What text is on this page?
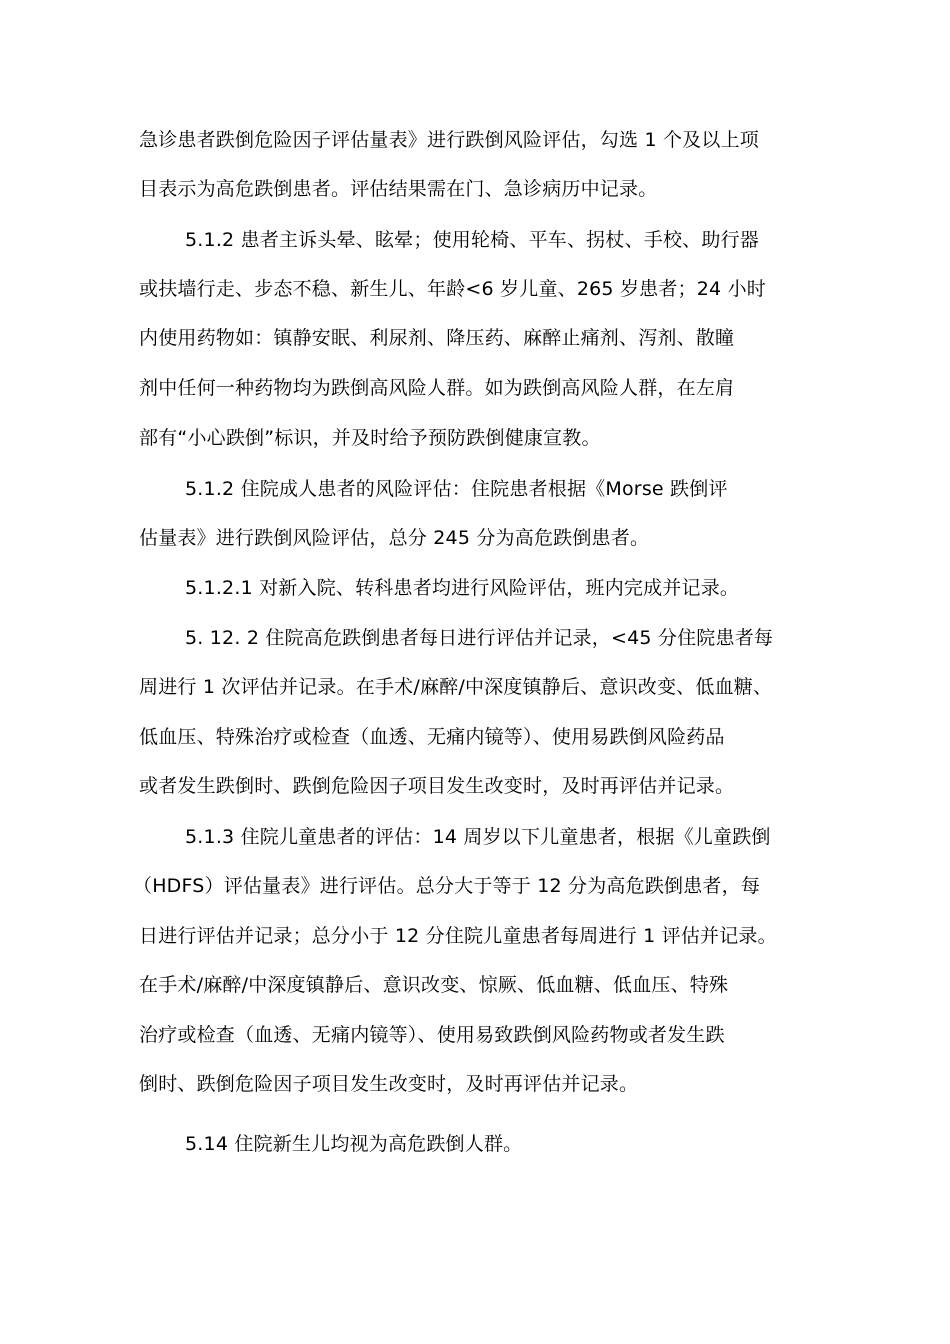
急诊患者跌倒危险因子评估量表》进行跌倒风险评估，勾选 1 个及以上项
目表示为高危跌倒患者。评估结果需在门、急诊病历中记录。
5.1.2 患者主诉头晕、眩晕；使用轮椅、平车、拐杖、手校、助行器
或扶墙行走、步态不稳、新生儿、年龄<6 岁儿童、265 岁患者；24 小时
内使用药物如：镇静安眠、利尿剂、降压药、麻醉止痛剂、泻剂、散瞳
剂中任何一种药物均为跌倒高风险人群。如为跌倒高风险人群，在左肩
部有“小心跌倒”标识，并及时给予预防跌倒健康宣教。
5.1.2 住院成人患者的风险评估：住院患者根据《Morse 跌倒评
估量表》进行跌倒风险评估，总分 245 分为高危跌倒患者。
5.1.2.1 对新入院、转科患者均进行风险评估，班内完成并记录。
5. 12. 2 住院高危跌倒患者每日进行评估并记录，<45 分住院患者每
周进行 1 次评估并记录。在手术/麻醉/中深度镇静后、意识改变、低血糖、
低血压、特殊治疗或检查（血透、无痛内镜等）、使用易跌倒风险药品
或者发生跌倒时、跌倒危险因子项目发生改变时，及时再评估并记录。
5.1.3 住院儿童患者的评估：14 周岁以下儿童患者，根据《儿童跌倒
（HDFS）评估量表》进行评估。总分大于等于 12 分为高危跌倒患者，每
日进行评估并记录；总分小于 12 分住院儿童患者每周进行 1 评估并记录。
在手术/麻醉/中深度镇静后、意识改变、惊厥、低血糖、低血压、特殊
治疗或检查（血透、无痛内镜等）、使用易致跌倒风险药物或者发生跌
倒时、跌倒危险因子项目发生改变时，及时再评估并记录。
5.14 住院新生儿均视为高危跌倒人群。
